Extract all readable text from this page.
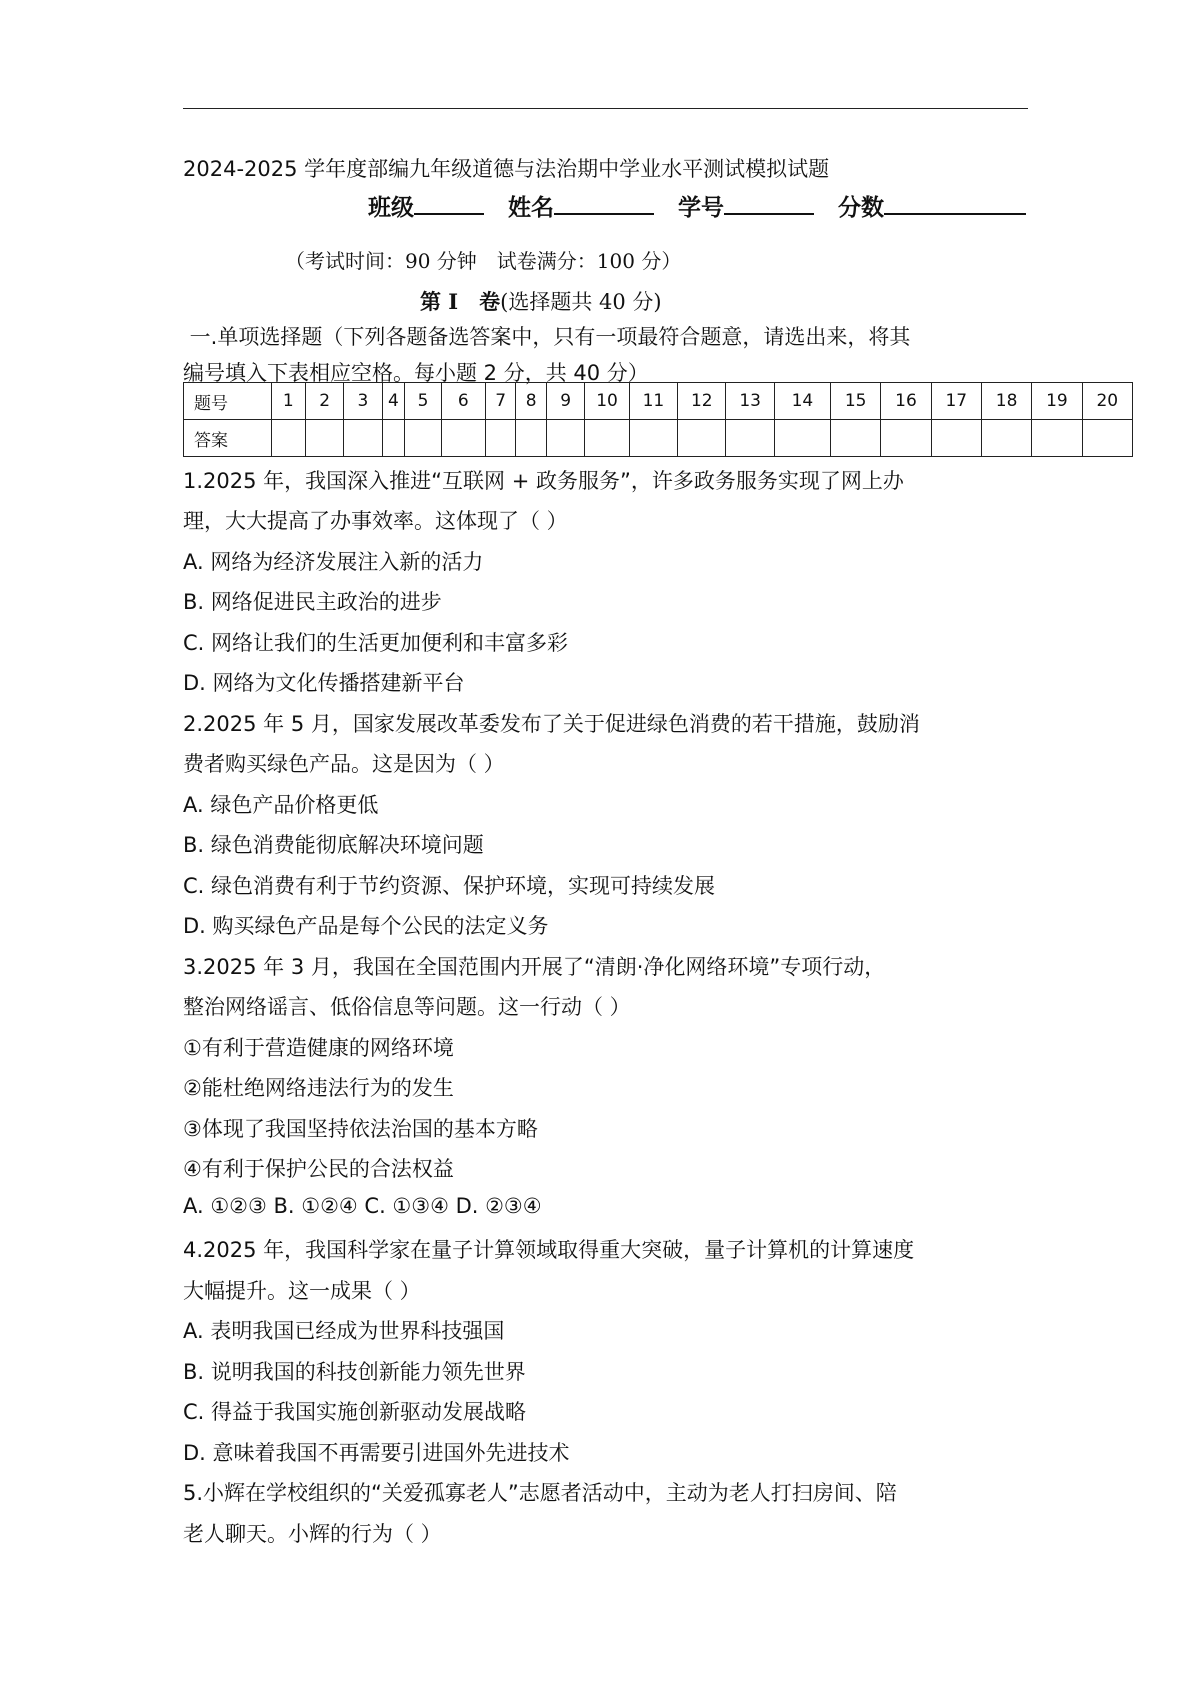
2024-2025 学年度部编九年级道德与法治期中学业水平测试模拟试题
班级	姓名	学号	分数
（考试时间：90 分钟　试卷满分：100 分）
第 I　卷(选择题共 40 分)
一.单项选择题（下列各题备选答案中，只有一项最符合题意，请选出来，将其
编号填入下表相应空格。每小题 2 分，共 40 分）
题号	1	2	3	4	5	6	7	8	9	10	11	12	13	14	15	16	17	18	19	20
答案																				
1.2025 年，我国深入推进“互联网 + 政务服务”，许多政务服务实现了网上办
理，大大提高了办事效率。这体现了（ ）
A. 网络为经济发展注入新的活力
B. 网络促进民主政治的进步
C. 网络让我们的生活更加便利和丰富多彩
D. 网络为文化传播搭建新平台
2.2025 年 5 月，国家发展改革委发布了关于促进绿色消费的若干措施，鼓励消
费者购买绿色产品。这是因为（ ）
A. 绿色产品价格更低
B. 绿色消费能彻底解决环境问题
C. 绿色消费有利于节约资源、保护环境，实现可持续发展
D. 购买绿色产品是每个公民的法定义务
3.2025 年 3 月，我国在全国范围内开展了“清朗·净化网络环境”专项行动，
整治网络谣言、低俗信息等问题。这一行动（ ）
①有利于营造健康的网络环境
②能杜绝网络违法行为的发生
③体现了我国坚持依法治国的基本方略
④有利于保护公民的合法权益
A. ①②③ B. ①②④ C. ①③④ D. ②③④
4.2025 年，我国科学家在量子计算领域取得重大突破，量子计算机的计算速度
大幅提升。这一成果（ ）
A. 表明我国已经成为世界科技强国
B. 说明我国的科技创新能力领先世界
C. 得益于我国实施创新驱动发展战略
D. 意味着我国不再需要引进国外先进技术
5.小辉在学校组织的“关爱孤寡老人”志愿者活动中，主动为老人打扫房间、陪
老人聊天。小辉的行为（ ）
